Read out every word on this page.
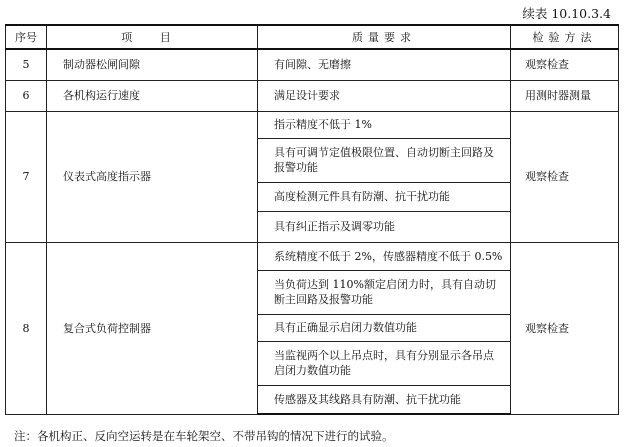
续表 10.10.3.4
序号	项 目	质量要求	检验方法
5	制动器松闸间隙	有间隙、无磨擦	观察检查
6	各机构运行速度	满足设计要求	用测时器测量
7	仪表式高度指示器	指示精度不低于 1%	观察检查
		具有可调节定值极限位置、自动切断主回路及报警功能	
		高度检测元件具有防潮、抗干扰功能	
		具有纠正指示及调零功能	
8	复合式负荷控制器	系统精度不低于 2%，传感器精度不低于 0.5%	观察检查
		当负荷达到 110%额定启闭力时，具有自动切断主回路及报警功能	
		具有正确显示启闭力数值功能	
		当监视两个以上吊点时，具有分别显示各吊点启闭力数值功能	
		传感器及其线路具有防潮、抗干扰功能	
注：各机构正、反向空运转是在车轮架空、不带吊钩的情况下进行的试验。
